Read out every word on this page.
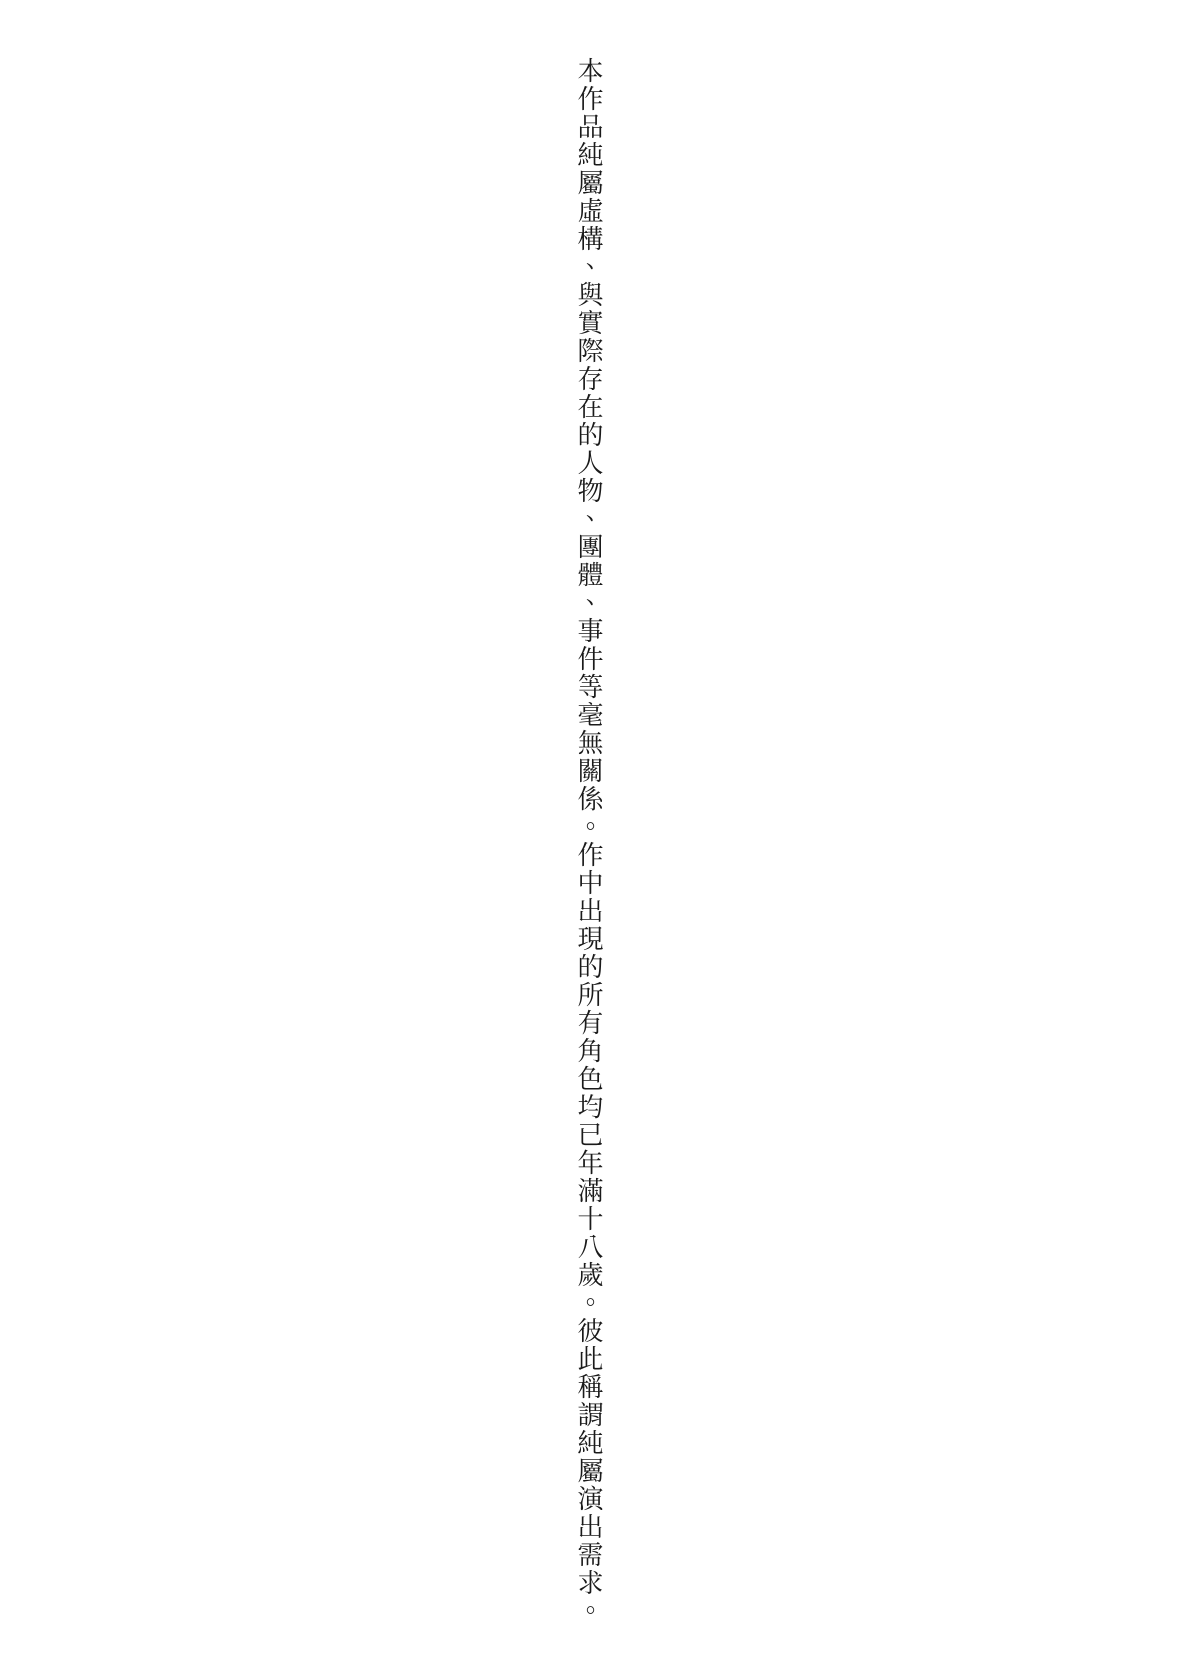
本作品純屬虛構、與實際存在的人物、團體、事件等毫無關係。作中出現的所有角色均已年滿十八歲。彼此稱謂純屬演出需求。
